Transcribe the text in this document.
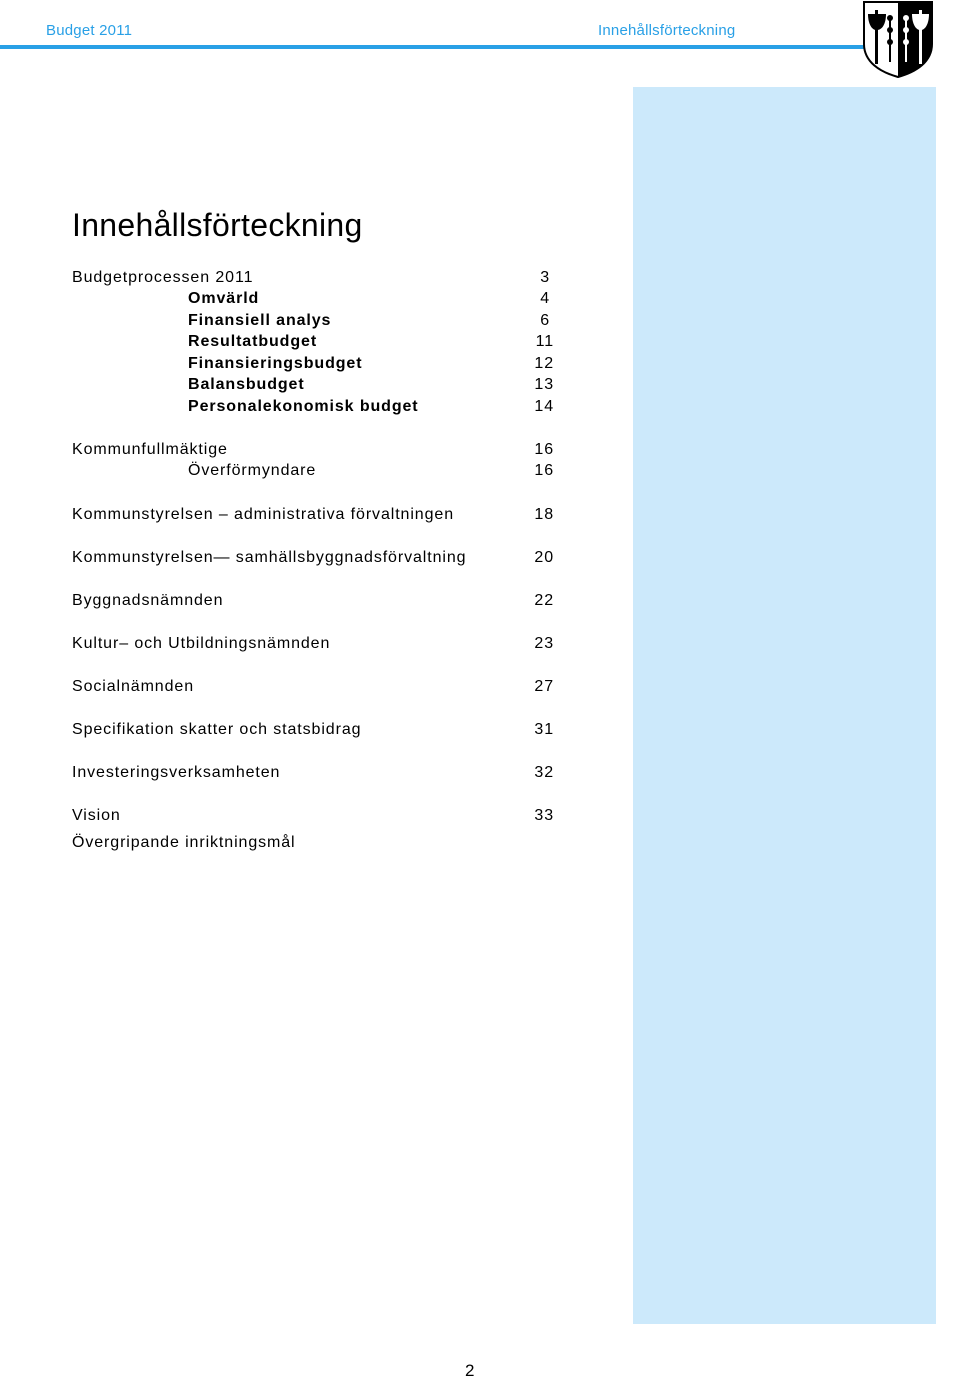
Budget 2011	Innehållsförteckning
Innehållsförteckning
Budgetprocessen 2011	3
Omvärld	4
Finansiell analys	6
Resultatbudget	11
Finansieringsbudget	12
Balansbudget	13
Personalekonomisk budget	14
Kommunfullmäktige	16
Överförmyndare	16
Kommunstyrelsen – administrativa förvaltningen	18
Kommunstyrelsen— samhällsbyggnadsförvaltning	20
Byggnadsnämnden	22
Kultur– och Utbildningsnämnden	23
Socialnämnden	27
Specifikation skatter och statsbidrag	31
Investeringsverksamheten	32
Vision	33
Övergripande inriktningsmål
2
